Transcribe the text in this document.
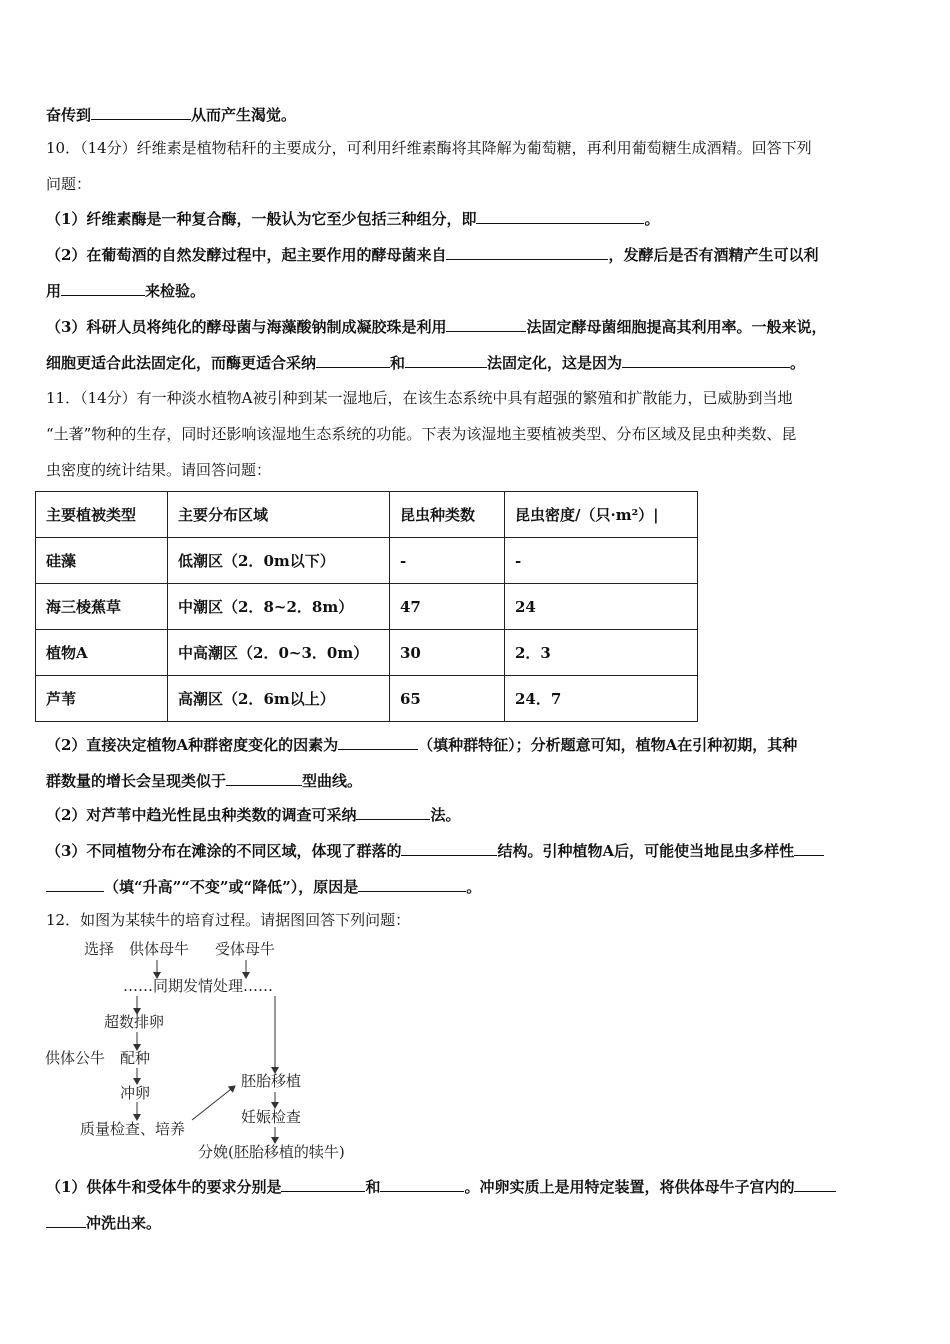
奋传到	从而产生渴觉。
10．（14分）纤维素是植物秸秆的主要成分，可利用纤维素酶将其降解为葡萄糖，再利用葡萄糖生成酒精。回答下列
问题：
（1）纤维素酶是一种复合酶，一般认为它至少包括三种组分，即	。
（2）在葡萄酒的自然发酵过程中，起主要作用的酵母菌来自	，发酵后是否有酒精产生可以利
用	来检验。
（3）科研人员将纯化的酵母菌与海藻酸钠制成凝胶珠是利用	法固定酵母菌细胞提高其利用率。一般来说，
细胞更适合此法固定化，而酶更适合采纳	和	法固定化，这是因为	。
11．（14分）有一种淡水植物A被引种到某一湿地后，在该生态系统中具有超强的繁殖和扩散能力，已威胁到当地
“土著”物种的生存，同时还影响该湿地生态系统的功能。下表为该湿地主要植被类型、分布区域及昆虫种类数、昆
虫密度的统计结果。请回答问题：
主要植被类型	主要分布区域	昆虫种类数	昆虫密度/（只·m²）|
硅藻	低潮区（2．0m以下）	-	-
海三棱蕉草	中潮区（2．8~2．8m）	47	24
植物A	中高潮区（2．0~3．0m）	30	2．3
芦苇	高潮区（2．6m以上）	65	24．7
（2）直接决定植物A种群密度变化的因素为	（填种群特征）；分析题意可知，植物A在引种初期，其种
群数量的增长会呈现类似于	型曲线。
（2）对芦苇中趋光性昆虫种类数的调查可采纳	法。
（3）不同植物分布在滩涂的不同区域，体现了群落的	结构。引种植物A后，可能使当地昆虫多样性
（填“升高”“不变”或“降低”），原因是	。
12．如图为某犊牛的培育过程。请据图回答下列问题：
选择 供体母牛 受体母牛
……同期发情处理……
超数排卵
供体公牛 配种
冲卵
质量检查、培养
胚胎移植
妊娠检查
分娩(胚胎移植的犊牛)
（1）供体牛和受体牛的要求分别是	和	。冲卵实质上是用特定装置，将供体母牛子宫内的
冲洗出来。
